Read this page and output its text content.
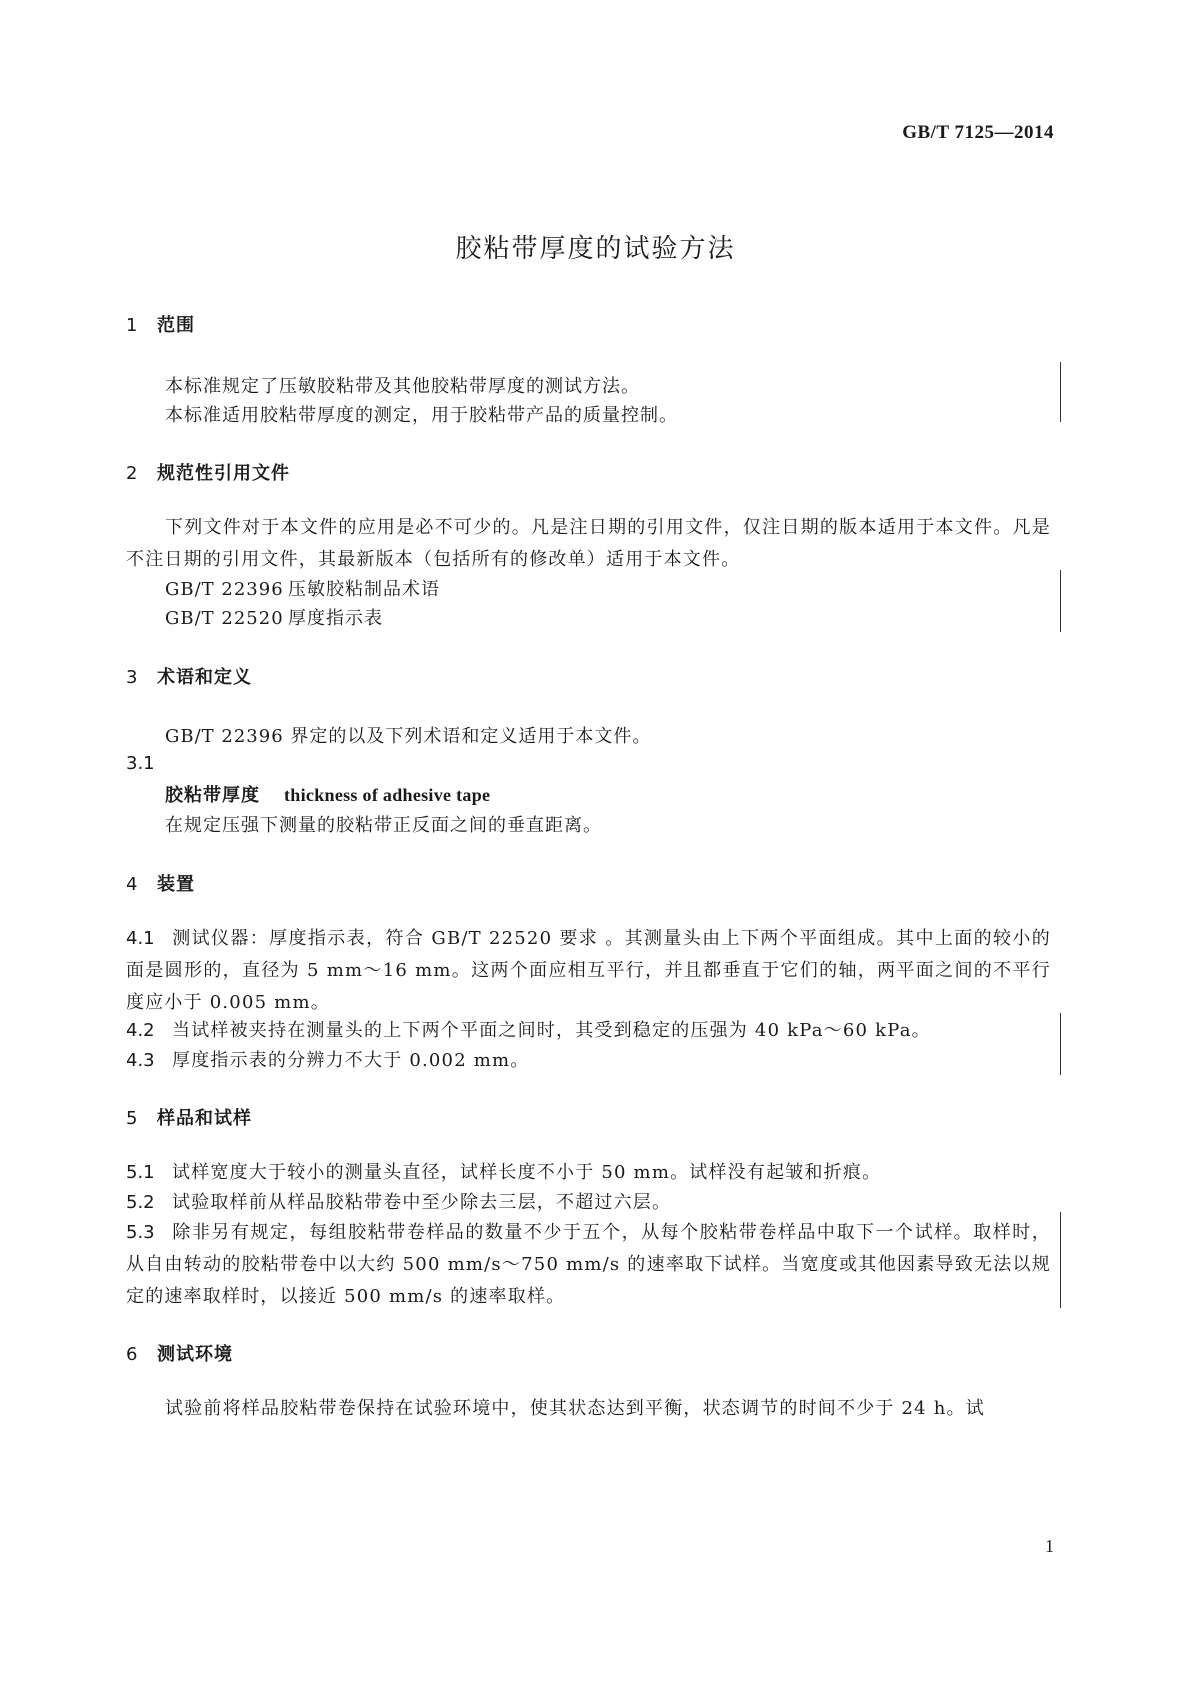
GB/T 7125—2014
胶粘带厚度的试验方法
1 范围
本标准规定了压敏胶粘带及其他胶粘带厚度的测试方法。
本标准适用胶粘带厚度的测定，用于胶粘带产品的质量控制。
2 规范性引用文件
下列文件对于本文件的应用是必不可少的。凡是注日期的引用文件，仅注日期的版本适用于本文件。凡是不注日期的引用文件，其最新版本（包括所有的修改单）适用于本文件。
GB/T 22396 压敏胶粘制品术语
GB/T 22520 厚度指示表
3 术语和定义
GB/T 22396 界定的以及下列术语和定义适用于本文件。
3.1
胶粘带厚度 thickness of adhesive tape
在规定压强下测量的胶粘带正反面之间的垂直距离。
4 装置
4.1 测试仪器：厚度指示表，符合 GB/T 22520 要求 。其测量头由上下两个平面组成。其中上面的较小的面是圆形的，直径为 5 mm～16 mm。这两个面应相互平行，并且都垂直于它们的轴，两平面之间的不平行度应小于 0.005 mm。
4.2 当试样被夹持在测量头的上下两个平面之间时，其受到稳定的压强为 40 kPa～60 kPa。
4.3 厚度指示表的分辨力不大于 0.002 mm。
5 样品和试样
5.1 试样宽度大于较小的测量头直径，试样长度不小于 50 mm。试样没有起皱和折痕。
5.2 试验取样前从样品胶粘带卷中至少除去三层，不超过六层。
5.3 除非另有规定，每组胶粘带卷样品的数量不少于五个，从每个胶粘带卷样品中取下一个试样。取样时，从自由转动的胶粘带卷中以大约 500 mm/s～750 mm/s 的速率取下试样。当宽度或其他因素导致无法以规定的速率取样时，以接近 500 mm/s 的速率取样。
6 测试环境
试验前将样品胶粘带卷保持在试验环境中，使其状态达到平衡，状态调节的时间不少于 24 h。试
1
